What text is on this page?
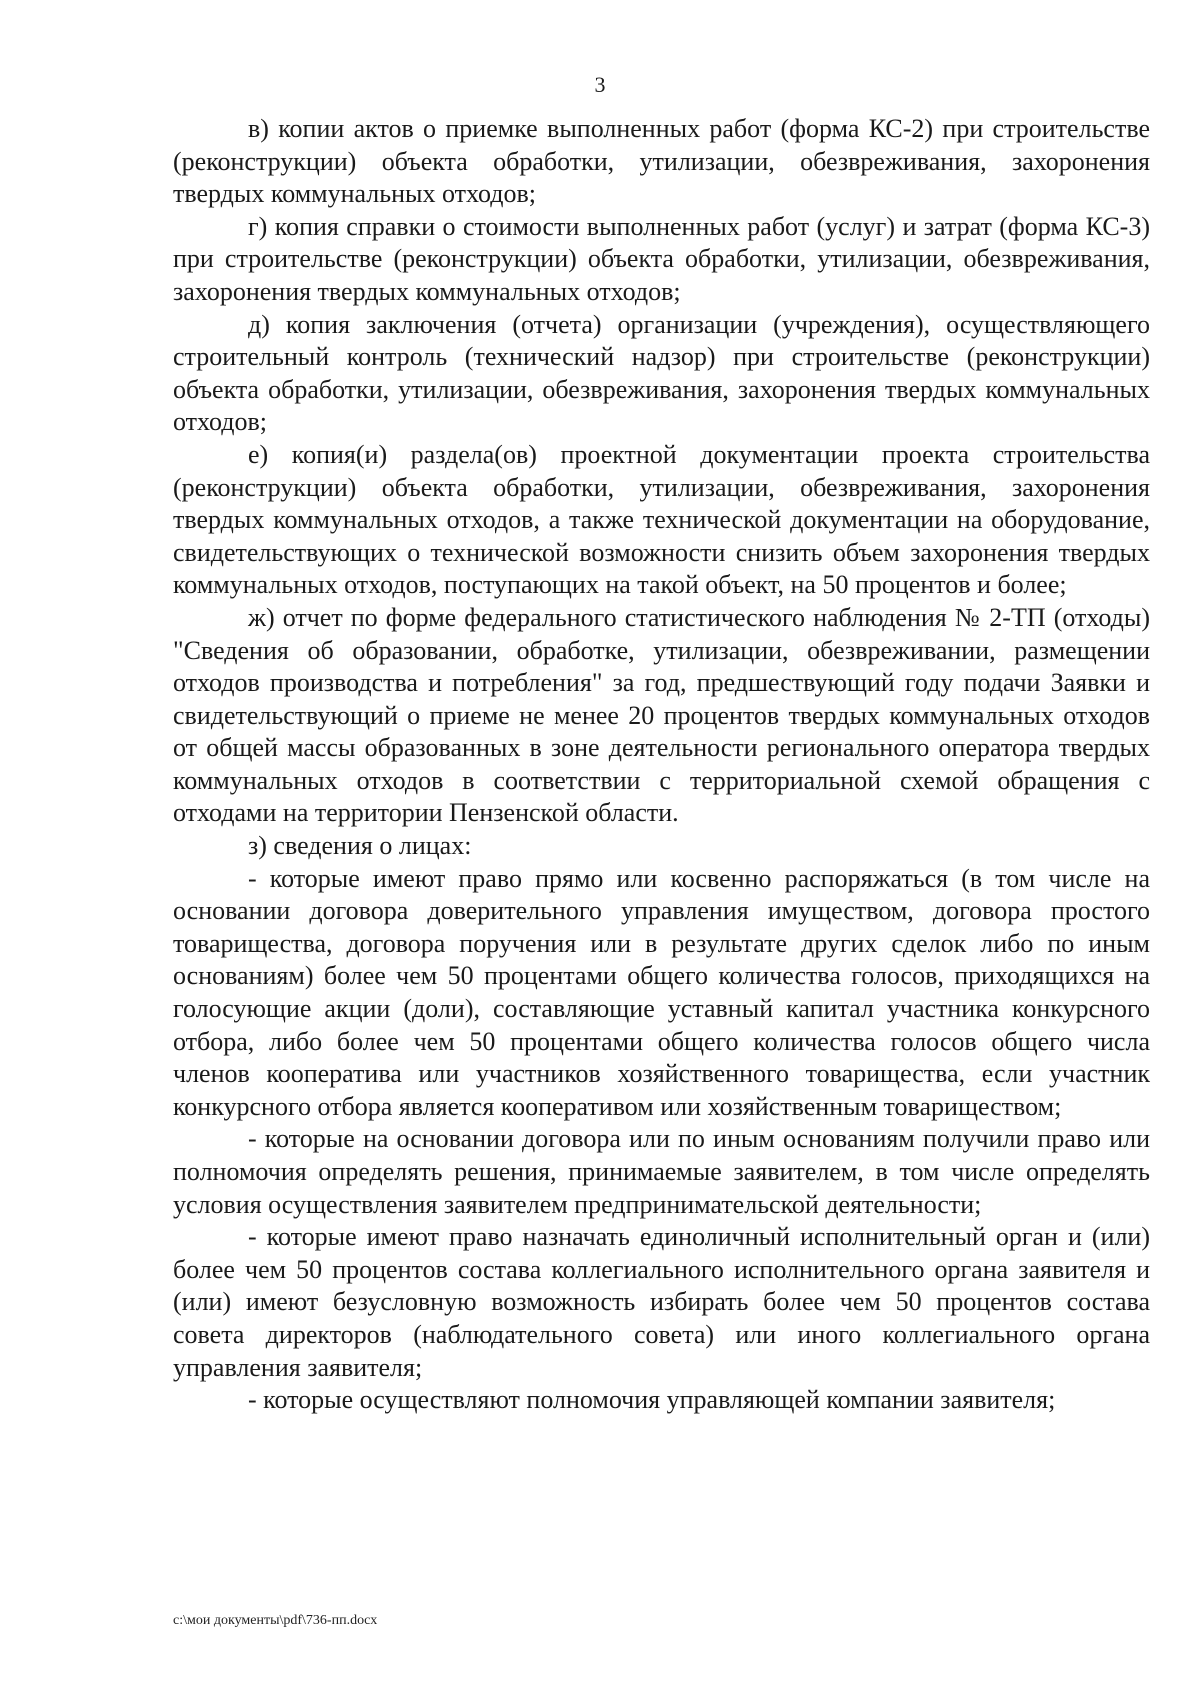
3

в) копии актов о приемке выполненных работ (форма КС-2) при строительстве (реконструкции) объекта обработки, утилизации, обезвреживания, захоронения твердых коммунальных отходов;

г) копия справки о стоимости выполненных работ (услуг) и затрат (форма КС-3) при строительстве (реконструкции) объекта обработки, утилизации, обезвреживания, захоронения твердых коммунальных отходов;

д) копия заключения (отчета) организации (учреждения), осуществляющего строительный контроль (технический надзор) при строительстве (реконструкции) объекта обработки, утилизации, обезвреживания, захоронения твердых коммунальных отходов;

е) копия(и) раздела(ов) проектной документации проекта строительства (реконструкции) объекта обработки, утилизации, обезвреживания, захоронения твердых коммунальных отходов, а также технической документации на оборудование, свидетельствующих о технической возможности снизить объем захоронения твердых коммунальных отходов, поступающих на такой объект, на 50 процентов и более;

ж) отчет по форме федерального статистического наблюдения № 2-ТП (отходы) "Сведения об образовании, обработке, утилизации, обезвреживании, размещении отходов производства и потребления" за год, предшествующий году подачи Заявки и свидетельствующий о приеме не менее 20 процентов твердых коммунальных отходов от общей массы образованных в зоне деятельности регионального оператора твердых коммунальных отходов в соответствии с территориальной схемой обращения с отходами на территории Пензенской области.

з) сведения о лицах:

- которые имеют право прямо или косвенно распоряжаться (в том числе на основании договора доверительного управления имуществом, договора простого товарищества, договора поручения или в результате других сделок либо по иным основаниям) более чем 50 процентами общего количества голосов, приходящихся на голосующие акции (доли), составляющие уставный капитал участника конкурсного отбора, либо более чем 50 процентами общего количества голосов общего числа членов кооператива или участников хозяйственного товарищества, если участник конкурсного отбора является кооперативом или хозяйственным товариществом;

- которые на основании договора или по иным основаниям получили право или полномочия определять решения, принимаемые заявителем, в том числе определять условия осуществления заявителем предпринимательской деятельности;

- которые имеют право назначать единоличный исполнительный орган и (или) более чем 50 процентов состава коллегиального исполнительного органа заявителя и (или) имеют безусловную возможность избирать более чем 50 процентов состава совета директоров (наблюдательного совета) или иного коллегиального органа управления заявителя;

- которые осуществляют полномочия управляющей компании заявителя;

c:\мои документы\pdf\736-пп.docx
